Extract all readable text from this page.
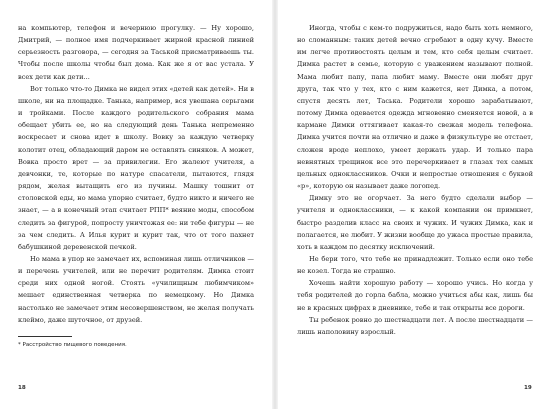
на компьютер, телефон и вечернюю прогулку. — Ну хорошо, Дмитрий, — полное имя подчеркивает жирной красной линией серьезность разговора, — сегодня за Таськой присматриваешь ты. Чтобы после школы чтобы был дома. Как же я от вас устала. У всех дети как дети...

Вот только что-то Димка не видел этих «детей как детей». Ни в школе, ни на площадке. Танька, например, вся увешана серьгами и тройками. После каждого родительского собрания мама обещает убить ее, но на следующий день Танька непременно воскресает и снова идет в школу. Вовку за каждую четверку колотит отец, обладающий даром не оставлять синяков. А может, Вовка просто врет — за привилегии. Его жалеют учителя, а девчонки, те, которые по натуре спасатели, пытаются, глядя рядом, желая вытащить его из пучины. Машку тошнит от столовской еды, но мама упорно считает, будто никто и ничего не знает, — а в конечный этап считает РПП* веяние моды, способом следить за фигурой, попросту уничтожая ее: ни тебе фигуры — не за чем следить. А Илья курит и курит так, что от того пахнет бабушкиной деревенской печкой.

Но мама в упор не замечает их, вспоминая лишь отличников — и перечень учителей, или не перечит родителям. Димка стоит среди них одной ногой. Стоять «училищным любимчиком» мешает единственная четверка по немецкому. Но Димка настолько не замечает этим несовершенством, не желая получать клеймо, даже шуточное, от друзей.

* Расстройство пищевого поведения.
18

Иногда, чтобы с кем-то подружиться, надо быть хоть немного, но сломанным: таких детей вечно сгребают в одну кучу. Вместе им легче противостоять целым и тем, кто себя целым считает. Димка растет в семье, которую с уважением называют полной. Мама любит папу, папа любит маму. Вместе они любят друг друга, так что у тех, кто с ним кажется, нет Димка, а потом, спустя десять лет, Таська. Родители хорошо зарабатывают, потому Димка одевается одежда мгновенно сменяется новой, а в кармане Димки оттягивает какая-то свежая модель телефона. Димка учится почти на отлично и даже в физкультуре не отстает, сложен вроде неплохо, умеет держать удар. И только пара невнятных трещинок все это перечеркивает в глазах тех самых цельных одноклассников. Очки и непростые отношения с буквой «р», которую он называет даже логопед.

Димку это не огорчает. За него будто сделали выбор — учителя и одноклассники, — к какой компании он примкнет, быстро разделив класс на своих и чужих. И чужих Димка, как и полагается, не любит. У жизни вообще до ужаса простые правила, хоть в каждом по десятку исключений.

Не бери того, что тебе не принадлежит. Только если оно тебе не козел. Тогда не страшно.

Хочешь найти хорошую работу — хорошо учись. Но когда у тебя родителей до горла бабла, можно учиться абы как, лишь бы не в красных цифрах в дневнике, тебе и так открыты все дороги.

Ты ребенок ровно до шестнадцати лет. А после шестнадцати — лишь наполовину взрослый.

19
